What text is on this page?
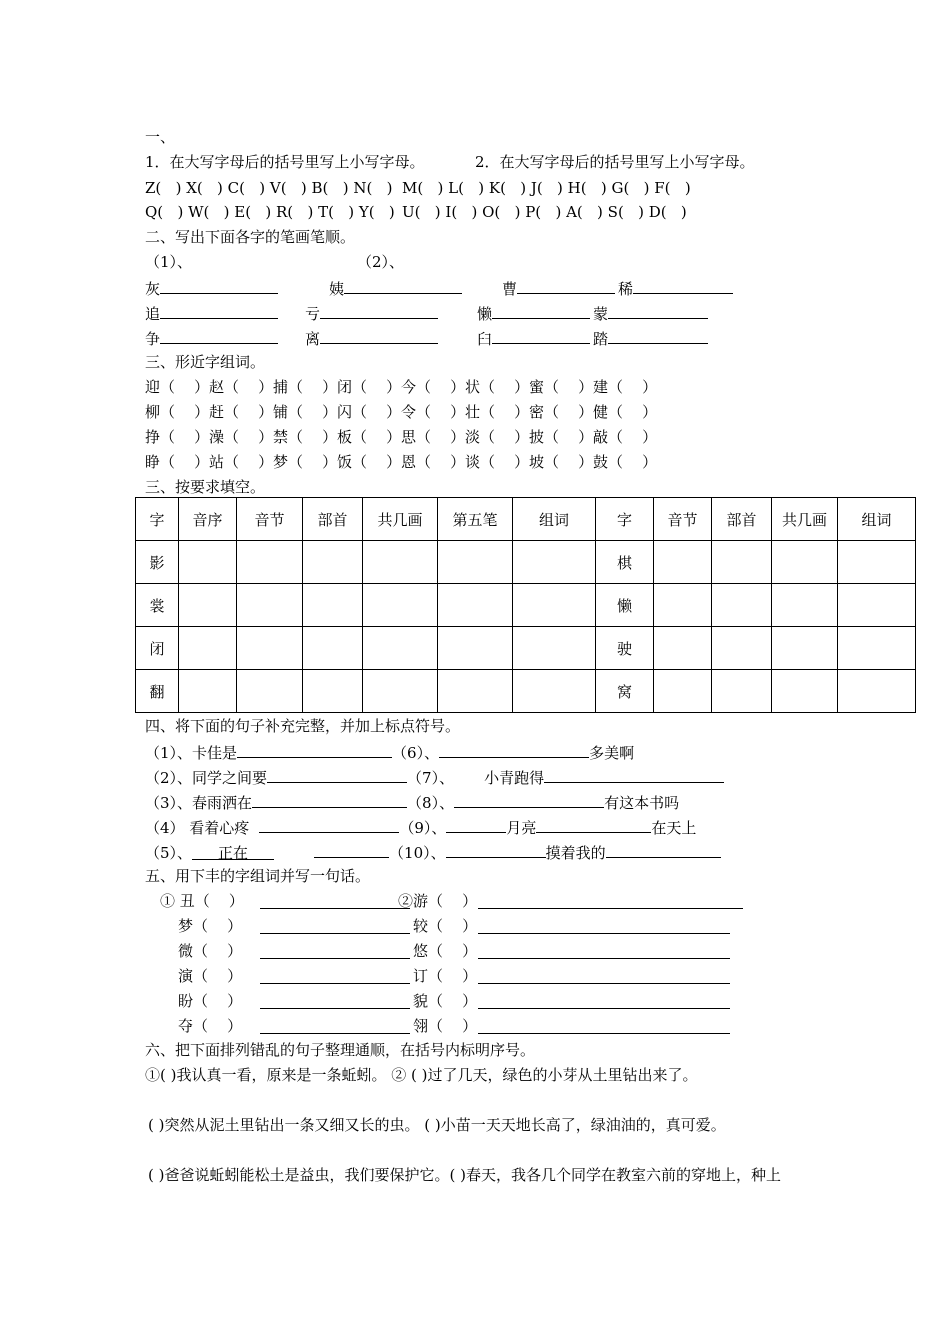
一、
1．在大写字母后的括号里写上小写字母。	2．在大写字母后的括号里写上小写字母。
Z(   ) X(   ) C(   ) V(   ) B(   ) N(   ) M(   ) L(   ) K(   ) J(   ) H(   ) G(   ) F(   )
Q(   ) W(   ) E(   ) R(   ) T(   ) Y(   ) U(   ) I(   ) O(   ) P(   ) A(   ) S(   ) D(   )
二、写出下面各字的笔画笔顺。
（1）、	（2）、
灰	姨	曹	稀
追	亏	懒	蒙
争	离	臼	踏
三、形近字组词。
迎（    ） 赵（    ） 捕（    ） 闭（    ） 今（    ） 状（    ） 蜜（    ） 建（    ）
柳（    ） 赶（    ） 铺（    ） 闪（    ） 令（    ） 壮（    ） 密（    ） 健（    ）
挣（    ） 澡（    ） 禁（    ） 板（    ） 思（    ） 淡（    ） 披（    ） 敲（    ）
睁（    ） 站（    ） 梦（    ） 饭（    ） 恩（    ） 谈（    ） 坡（    ） 鼓（    ）
三、按要求填空。
字	音序	音节	部首	共几画	第五笔	组词	字	音节	部首	共几画	组词
影							棋				
裳							懒				
闭							驶				
翻							窝				
四、将下面的句子补充完整，并加上标点符号。
（1）、卡佳是	（6）、	多美啊
（2）、同学之间要	（7）、 小青跑得
（3）、春雨洒在	（8）、	有这本书吗
（4） 看着心疼	（9）、	月亮	在天上
（5）、 正在	（10）、	摸着我的
五、用下丰的字组词并写一句话。
① 丑（    ）	②游（    ）
梦（    ）	较（    ）
微（    ）	悠（    ）
演（    ）	订（    ）
盼（    ）	貌（    ）
夺（    ）	翎（    ）
六、把下面排列错乱的句子整理通顺，在括号内标明序号。
①( )我认真一看，原来是一条蚯蚓。 ② ( )过了几天，绿色的小芽从土里钻出来了。
( )突然从泥土里钻出一条又细又长的虫。 ( )小苗一天天地长高了，绿油油的，真可爱。
( )爸爸说蚯蚓能松土是益虫，我们要保护它。( )春天，我各几个同学在教室六前的穿地上，种上
